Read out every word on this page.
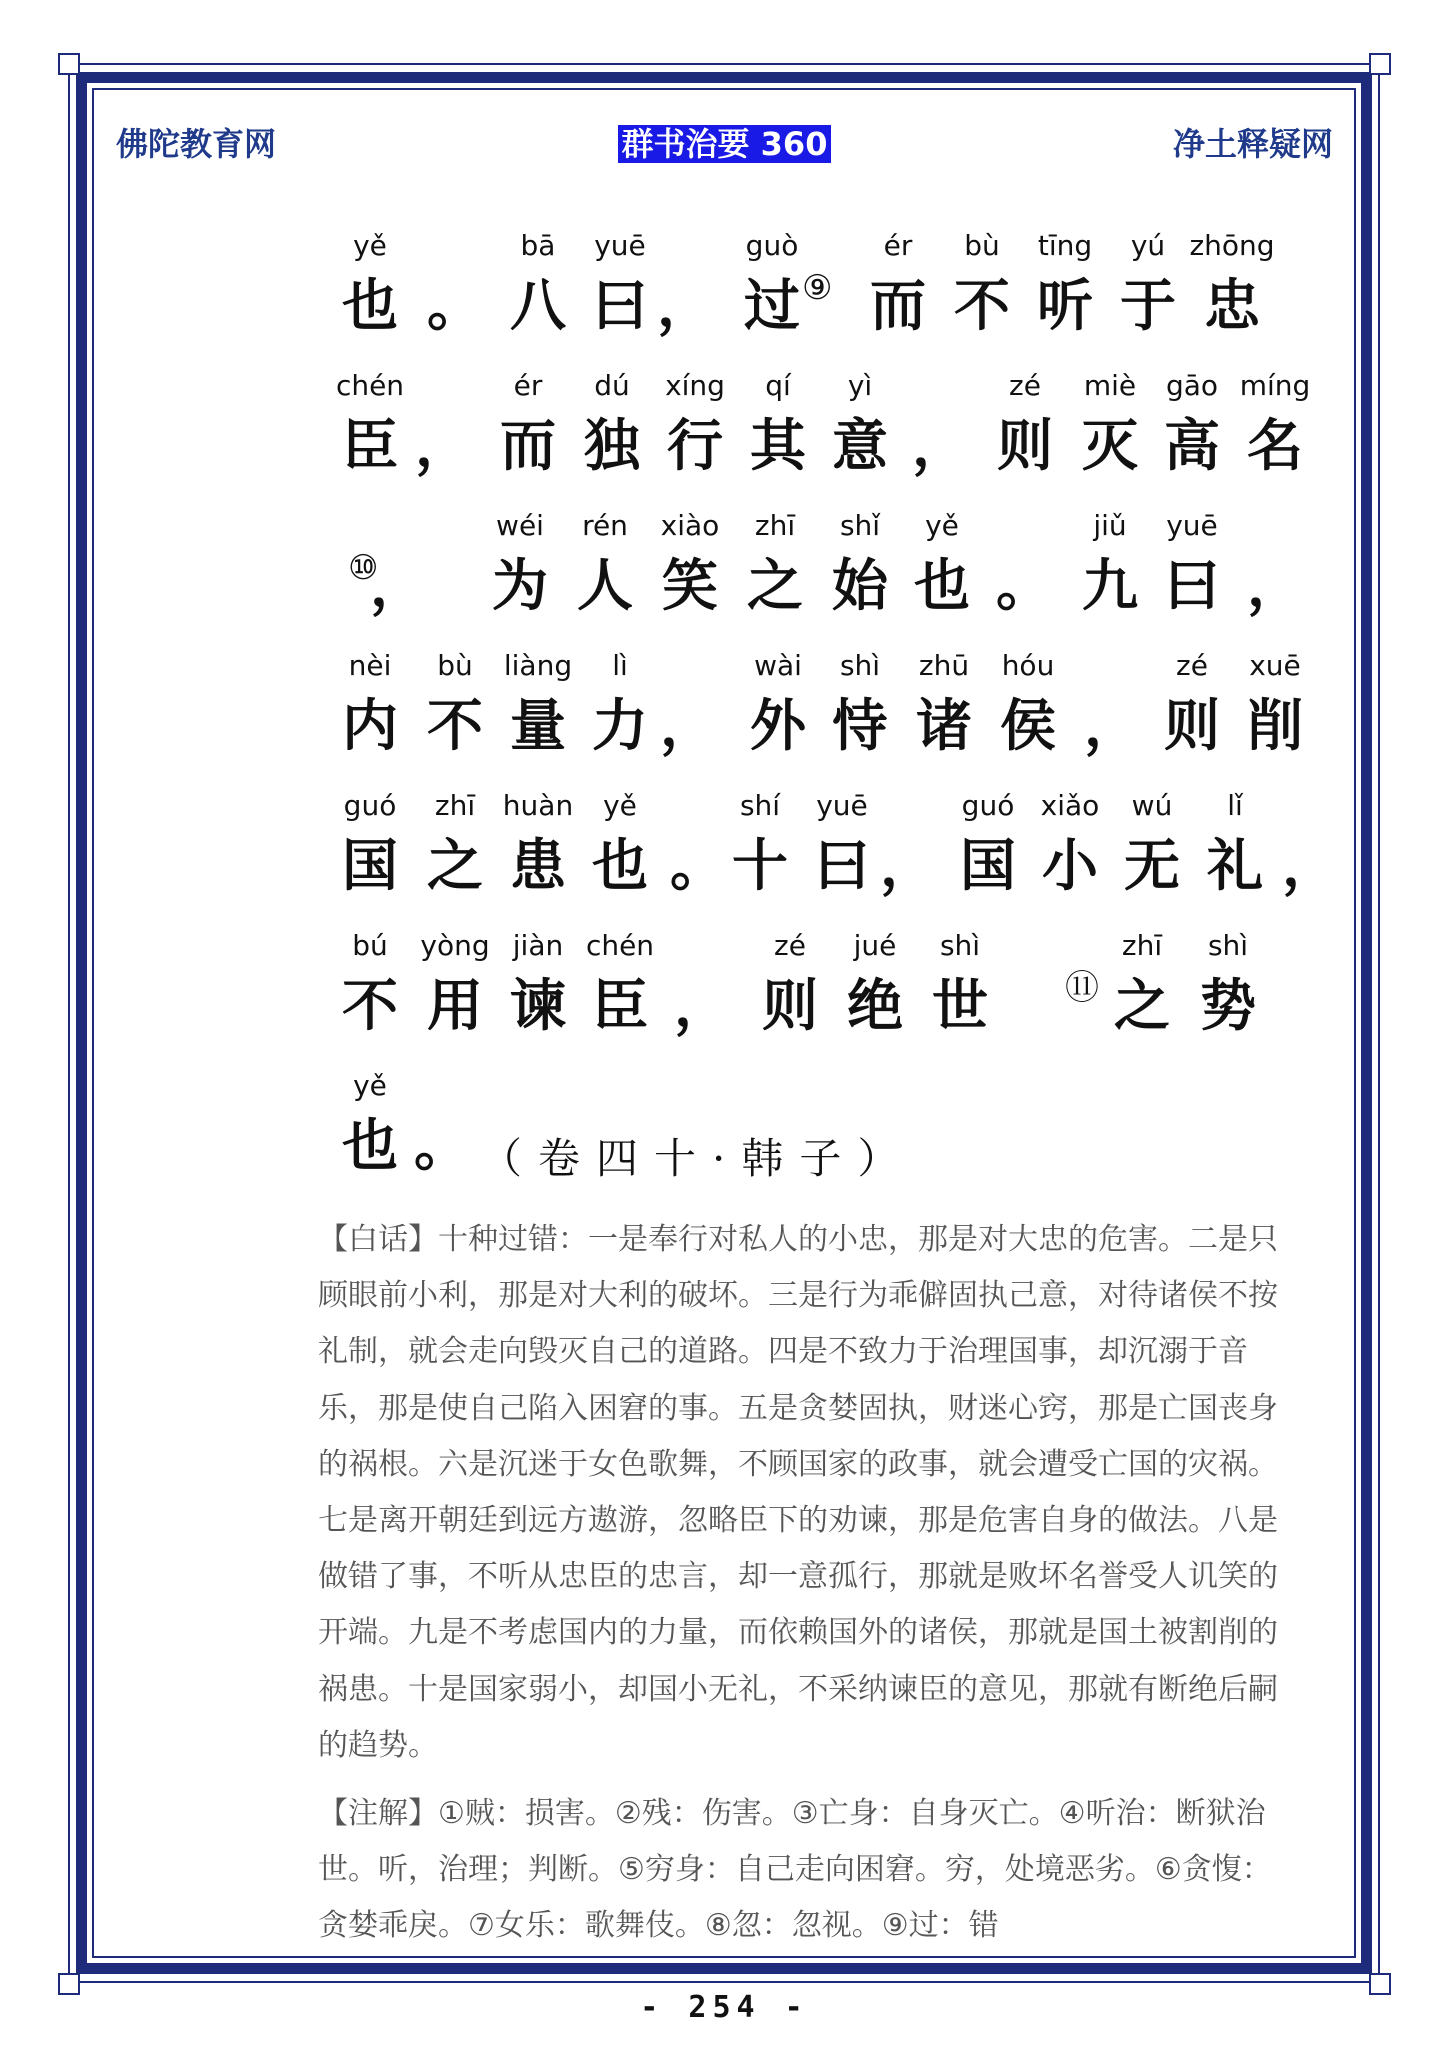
佛陀教育网	群书治要 360	净土释疑网
yě
也 。
bā
八
yuē
曰 ，
guò
过
ér
而
bù
不
tīng
听
yú
于
zhōng
忠
⑨
chén
臣 ，
ér
而
dú
独
xíng
行
qí
其
yì
意 ，
zé
则
miè
灭
gāo
高
míng
名
，
wéi
为
rén
人
xiào
笑
zhī
之
shǐ
始
yě
也 。
jiǔ
九
yuē
曰 ，
⑩
nèi
内
bù
不
liàng
量
lì
力 ，
wài
外
shì
恃
zhū
诸
hóu
侯 ，
zé
则
xuē
削
guó
国
zhī
之
huàn
患
yě
也 。
shí
十
yuē
曰 ，
guó
国
xiǎo
小
wú
无
lǐ
礼 ，
bú
不
yòng
用
jiàn
谏
chén
臣 ，
zé
则
jué
绝
shì
世
zhī
之
shì
势
⑪
yě
也 。 （卷四十·韩子）

【白话】十种过错：一是奉行对私人的小忠，那是对大忠的危害。二是只顾眼前小利，那是对大利的破坏。三是行为乖僻固执己意，对待诸侯不按礼制，就会走向毁灭自己的道路。四是不致力于治理国事，却沉溺于音乐，那是使自己陷入困窘的事。五是贪婪固执，财迷心窍，那是亡国丧身的祸根。六是沉迷于女色歌舞，不顾国家的政事，就会遭受亡国的灾祸。七是离开朝廷到远方遨游，忽略臣下的劝谏，那是危害自身的做法。八是做错了事，不听从忠臣的忠言，却一意孤行，那就是败坏名誉受人讥笑的开端。九是不考虑国内的力量，而依赖国外的诸侯，那就是国土被割削的祸患。十是国家弱小，却国小无礼，不采纳谏臣的意见，那就有断绝后嗣的趋势。

【注解】①贼：损害。②残：伤害。③亡身：自身灭亡。④听治：断狱治世。听，治理；判断。⑤穷身：自己走向困窘。穷，处境恶劣。⑥贪愎：贪婪乖戾。⑦女乐：歌舞伎。⑧忽：忽视。⑨过：错

- 254 -
